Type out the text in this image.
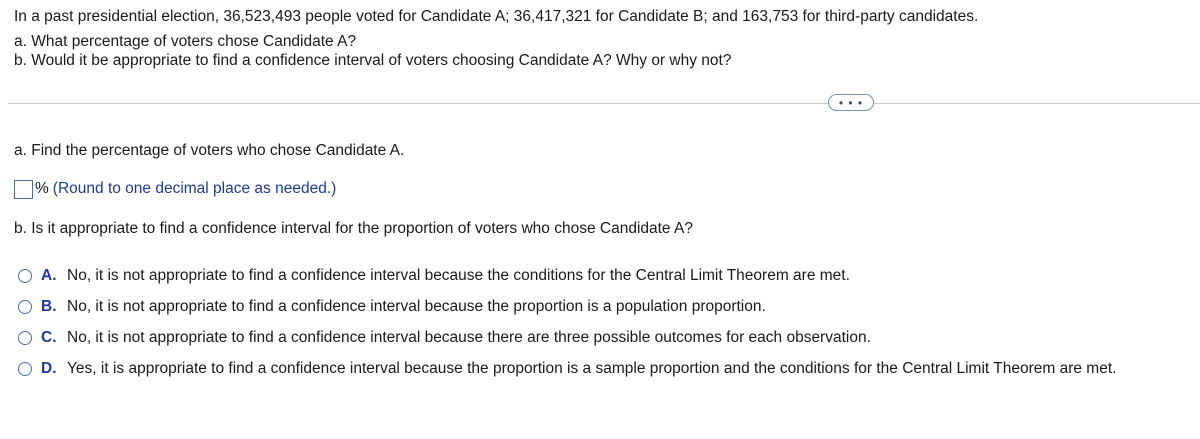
In a past presidential election, 36,523,493 people voted for Candidate A; 36,417,321 for Candidate B; and 163,753 for third-party candidates.
a. What percentage of voters chose Candidate A?
b. Would it be appropriate to find a confidence interval of voters choosing Candidate A? Why or why not?
• • •
a. Find the percentage of voters who chose Candidate A.
% (Round to one decimal place as needed.)
b. Is it appropriate to find a confidence interval for the proportion of voters who chose Candidate A?
A. No, it is not appropriate to find a confidence interval because the conditions for the Central Limit Theorem are met.
B. No, it is not appropriate to find a confidence interval because the proportion is a population proportion.
C. No, it is not appropriate to find a confidence interval because there are three possible outcomes for each observation.
D. Yes, it is appropriate to find a confidence interval because the proportion is a sample proportion and the conditions for the Central Limit Theorem are met.
